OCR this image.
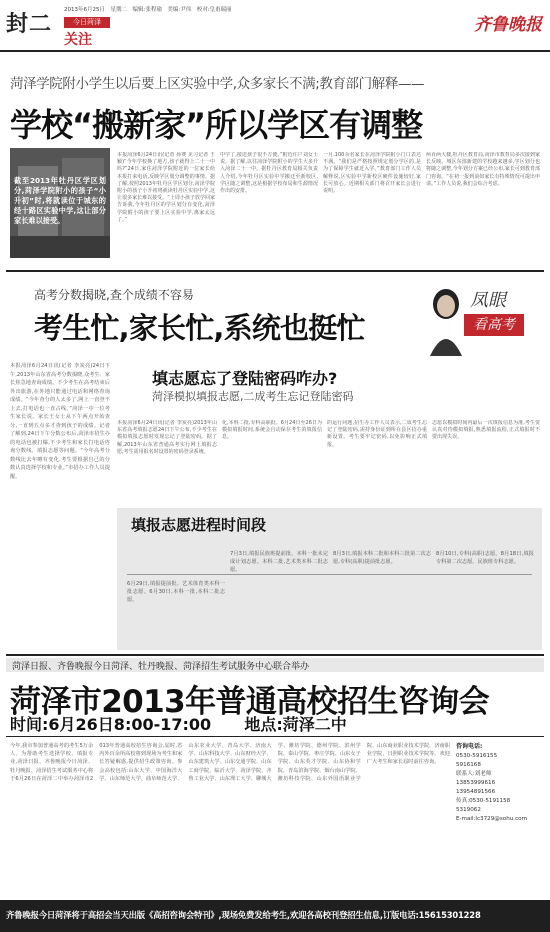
封二
2013年6月25日　星期二　编辑:张程瑜　美编:尹伟　校对:皇甫瑞丽
今日菏泽
关注
齐鲁晚报
菏泽学院附小学生以后要上区实验中学,众多家长不满;教育部门解释——
学校“搬新家”所以学区有调整
截至2013年牡丹区学区划分,菏泽学院附小的孩子“小升初”时,将就读位于城东的经十路区实验中学,这让部分家长难以接受。
本报菏泽6月24日讯(记者 孙赛 见习记者 王颖)“今年学校换了地方,孩子就得上二十一中吗?”24日,家住菏泽学院附近的一位家长给本报打来电话,反映学区划分调整的事情。据了解,按照2013年牡丹区学区划分,菏泽学院附小的孩子小升初将就读牡丹区实验中学,这让很多家长难以接受。“上周小孩子放学回家告诉我,今年牡丹区的学区划分有变化,菏泽学院附小的孩子要上区实验中学,离家太远了。”
中学了,接送孩子很不方便。”附近住户刘女士说。据了解,以往菏泽学院附小的学生大多升入菏泽二十一中。据牡丹区教育局相关负责人介绍,今年牡丹区实验中学搬迁至新校区,学区随之调整,这是根据学校布局和生源情况作出的安排。
一月,100余名家长在菏泽学院附小门口表达不满。“我们是严格按照规定划分学区的,是为了保障学生就近入学。”教育部门工作人员解释说,区实验中学新校区硬件设施较好,家长可放心。近期相关部门将召开家长会进行说明。
两百两大楼,牡丹区教育局,菏泽市教育局多次接到家长反映。城区东部新建的学校越来越多,学区划分也将随之调整,今年划分方案已经公布,家长可到教育部门咨询。“在初一报到前如家长有特殊情况可提出申请。”工作人员说,我们会综合考虑。
高考分数揭晓,查个成绩不容易
考生忙,家长忙,系统也挺忙
凤眼
看高考
本报菏泽6月24日讯(记者 李炭亮)24日下午,2013年山东省高考分数揭晓,众考生、家长焦急地查询成绩。不少考生在高考结束后外出旅游,在外地只能通过电话和网络查询成绩。“今年查分的人太多了,网上一直登不上去,打电话也一直占线。”菏泽一中一位考生家长说。家长王女士从下午两点开始查分,一直到五点多才查到孩子的成绩。记者了解到,24日下午分数公布后,菏泽市招生办的电话也被打爆,不少考生和家长打电话咨询分数线、填报志愿等问题。“今年高考分数线比去年略有变化,考生要根据自己的分数认真选择学校和专业。”市招办工作人员提醒。
填志愿忘了登陆密码咋办?
菏泽模拟填报志愿,二成考生忘记登陆密码
本报菏泽6月24日讯(记者 李炭亮)2013年山东省高考填报志愿24日下午公布,不少考生在模拟填报志愿时发现忘记了登陆密码。据了解,2013年山东省普通高考实行网上填报志愿,考生需用报名时设置的密码登录系统。
化,本科二批,专科高职批。6月24日至26日为模拟填报时间,系统会自动保存考生的填报信息。
的运行问题,招生办工作人员表示,二成考生忘记了登陆密码,需持身份证到所在县区招办重新设置。考生要牢记密码,以免影响正式填报。
志愿以模拟时间内最后一次填报信息为准,考生要认真对待模拟填报,熟悉填报流程,正式填报时不要出现失误。
填报志愿进程时间段
6月29日,填报提前批、艺术体育类本科一批志愿。6月30日,本科一批,本科二批志愿。
7月3日,填报民族班提前批、本科一批未完成计划志愿。本科二批,艺术类本科二批志愿。
8月3日,填报本科二批和本科三批第二次志愿,专科(高职)提前批志愿。
8月10日,专科(高职)志愿。8月18日,填报专科第二次志愿。民族班专科志愿。
菏泽日报、齐鲁晚报今日菏泽、牡丹晚报、菏泽招生考试服务中心联合举办
菏泽市2013年普通高校招生咨询会
时间:6月26日8:00-17:00 地点:菏泽二中
今年,我市参加普通高考的考生5万余人。为帮助考生选择学校、填报专业,菏泽日报、齐鲁晚报今日菏泽、牡丹晚报、菏泽招生考试服务中心将于6月26日在菏泽二中举办菏泽市2013年普通高校招生咨询会,届时,省内外百余所高校将到现场为考生和家长答疑解惑,提供招生政策咨询。参会高校包括:山东大学、中国海洋大学、山东师范大学、曲阜师范大学、山东农业大学、青岛大学、济南大学、山东科技大学、山东财经大学、山东建筑大学、山东交通学院、山东工商学院、临沂大学、菏泽学院、齐鲁工业大学、山东理工大学、聊城大学、潍坊学院、德州学院、滨州学院、泰山学院、枣庄学院、山东女子学院、山东英才学院、山东协和学院、青岛滨海学院、烟台南山学院、潍坊科技学院、山东外国语职业学院、山东商业职业技术学院、济南职业学院、日照职业技术学院等。欢迎广大考生和家长届时前往咨询。
咨询电话:
0530-5916155
5916168
联系人:刘老师
13853999616
13954891566
传真:0530-5191158
5319062
E-mail:lc3729@sohu.com
齐鲁晚报今日菏泽将于高招会当天出版《高招咨询会特刊》,现场免费发给考生,欢迎各高校刊登招生信息,订版电话:15615301228
